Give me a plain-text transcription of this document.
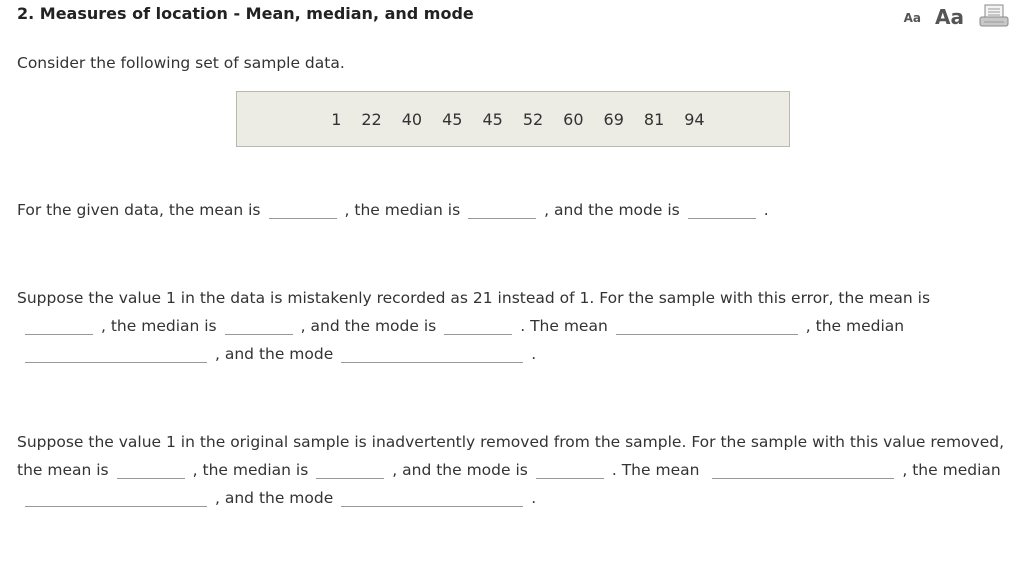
2. Measures of location - Mean, median, and mode	Aa Aa
Consider the following set of sample data.
1 22 40 45 45 52 60 69 81 94
For the given data, the mean is	, the median is	, and the mode is	.
Suppose the value 1 in the data is mistakenly recorded as 21 instead of 1. For the sample with this error, the mean is, the median is	, and the mode is	. The mean	, the median , and the mode	.
Suppose the value 1 in the original sample is inadvertently removed from the sample. For the sample with this value removed, the mean is	, the median is	, and the mode is	. The mean	, the median, and the mode	.
